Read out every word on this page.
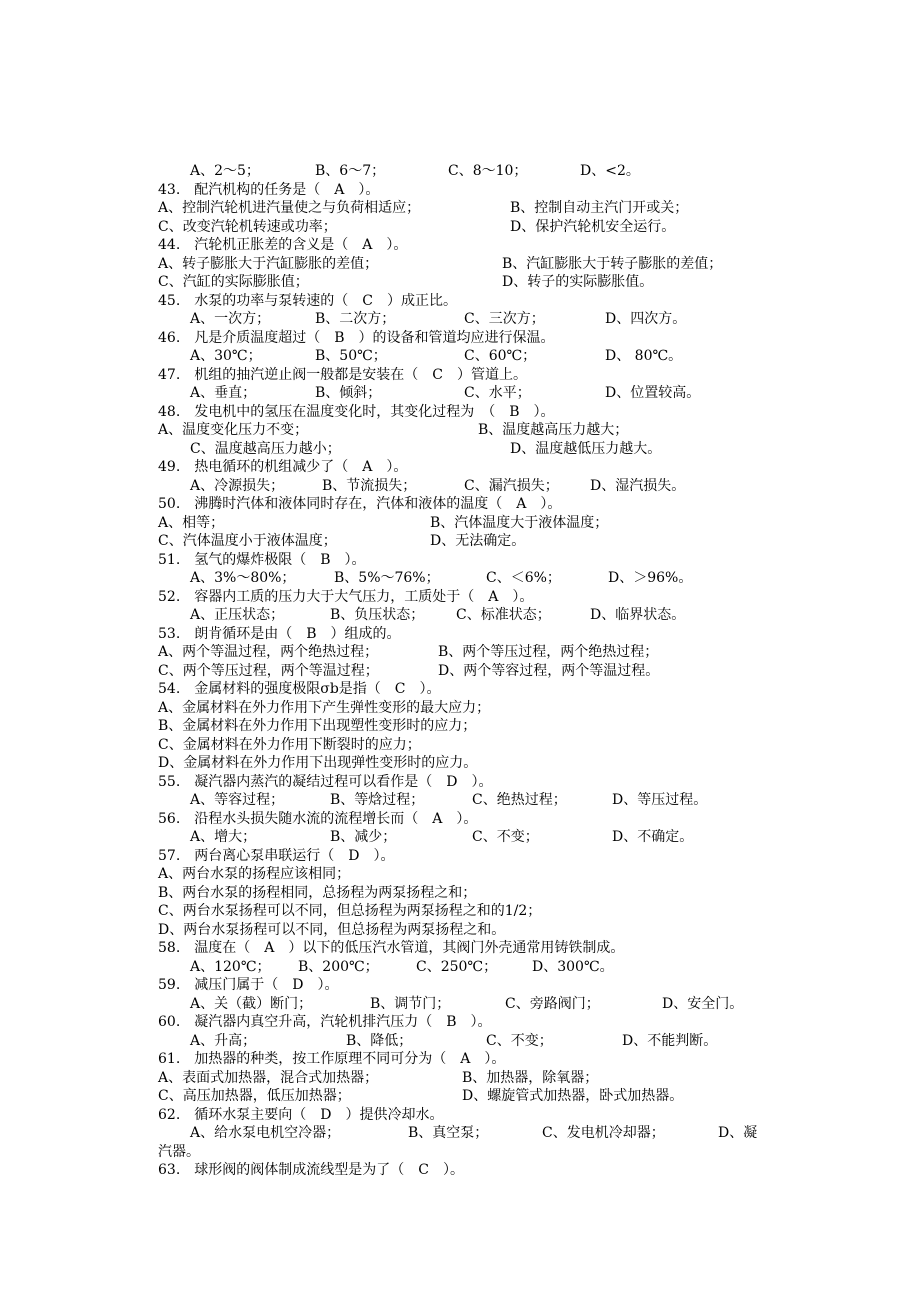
A、2～5；	B、6～7；	C、8～10；	D、<2。
43.　配汽机构的任务是（　A　）。
A、控制汽轮机进汽量使之与负荷相适应；	B、控制自动主汽门开或关；
C、改变汽轮机转速或功率；	D、保护汽轮机安全运行。
44.　汽轮机正胀差的含义是（　A　）。
A、转子膨胀大于汽缸膨胀的差值；	B、汽缸膨胀大于转子膨胀的差值；
C、汽缸的实际膨胀值；	D、转子的实际膨胀值。
45.　水泵的功率与泵转速的（　C　）成正比。
A、一次方；	B、二次方；	C、三次方；	D、四次方。
46.　凡是介质温度超过（　B　）的设备和管道均应进行保温。
A、30℃；	B、50℃；	C、60℃；	D、 80℃。
47.　机组的抽汽逆止阀一般都是安装在（　C　）管道上。
A、垂直；	B、倾斜；	C、水平；	D、位置较高。
48.　发电机中的氢压在温度变化时，其变化过程为　（　B　）。
A、温度变化压力不变；	B、温度越高压力越大；
C、温度越高压力越小；	D、温度越低压力越大。
49.　热电循环的机组减少了（　A　）。
A、冷源损失；	B、节流损失；	C、漏汽损失； D、湿汽损失。
50.　沸腾时汽体和液体同时存在，汽体和液体的温度（　A　）。
A、相等；	B、汽体温度大于液体温度；
C、汽体温度小于液体温度；	D、无法确定。
51.　氢气的爆炸极限（　B　）。
A、3%～80%；	B、5%～76%；	C、＜6%；	D、＞96%。
52.　容器内工质的压力大于大气压力，工质处于（　A　）。
A、正压状态；	B、负压状态； C、标准状态；	D、临界状态。
53.　朗肯循环是由（　B　）组成的。
A、两个等温过程，两个绝热过程；	B、两个等压过程，两个绝热过程；
C、两个等压过程，两个等温过程；	D、两个等容过程，两个等温过程。
54.　金属材料的强度极限σb是指（　C　）。
A、金属材料在外力作用下产生弹性变形的最大应力；
B、金属材料在外力作用下出现塑性变形时的应力；
C、金属材料在外力作用下断裂时的应力；
D、金属材料在外力作用下出现弹性变形时的应力。
55.　凝汽器内蒸汽的凝结过程可以看作是（　D　）。
A、等容过程；	B、等焓过程；	C、绝热过程；	D、等压过程。
56.　沿程水头损失随水流的流程增长而（　A　）。
A、增大；	B、减少；	C、不变；	D、不确定。
57.　两台离心泵串联运行（　D　）。
A、两台水泵的扬程应该相同；
B、两台水泵的扬程相同，总扬程为两泵扬程之和；
C、两台水泵扬程可以不同，但总扬程为两泵扬程之和的1/2；
D、两台水泵扬程可以不同，但总扬程为两泵扬程之和。
58.　温度在（　A　）以下的低压汽水管道，其阀门外壳通常用铸铁制成。
A、120℃； B、200℃；	C、250℃； D、300℃。
59.　减压门属于（　D　）。
A、关（截）断门；	B、调节门；	C、旁路阀门；	D、安全门。
60.　凝汽器内真空升高，汽轮机排汽压力（　B　）。
A、升高；	B、降低；	C、不变；	D、不能判断。
61.　加热器的种类，按工作原理不同可分为（　A　）。
A、表面式加热器，混合式加热器；	B、加热器，除氧器；
C、高压加热器，低压加热器；	D、螺旋管式加热器，卧式加热器。
62.　循环水泵主要向（　D　）提供冷却水。
A、给水泵电机空冷器；	B、真空泵；	C、发电机冷却器；	D、凝
汽器。
63.　球形阀的阀体制成流线型是为了（　C　）。
